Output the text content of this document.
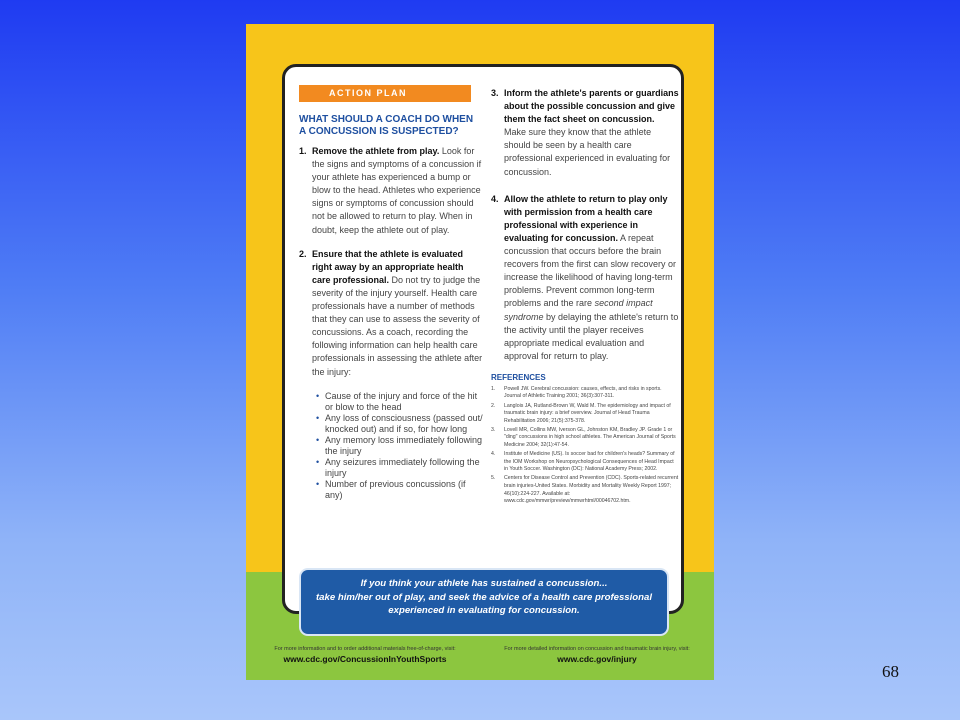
ACTION PLAN
WHAT SHOULD A COACH DO WHEN
A CONCUSSION IS SUSPECTED?
1. Remove the athlete from play. Look for the signs and symptoms of a concussion if your athlete has experienced a bump or blow to the head. Athletes who experience signs or symptoms of concussion should not be allowed to return to play. When in doubt, keep the athlete out of play.
2. Ensure that the athlete is evaluated right away by an appropriate health care professional. Do not try to judge the severity of the injury yourself. Health care professionals have a number of methods that they can use to assess the severity of concussions. As a coach, recording the following information can help health care professionals in assessing the athlete after the injury:
• Cause of the injury and force of the hit or blow to the head
• Any loss of consciousness (passed out/ knocked out) and if so, for how long
• Any memory loss immediately following the injury
• Any seizures immediately following the injury
• Number of previous concussions (if any)
3. Inform the athlete's parents or guardians about the possible concussion and give them the fact sheet on concussion. Make sure they know that the athlete should be seen by a health care professional experienced in evaluating for concussion.
4. Allow the athlete to return to play only with permission from a health care professional with experience in evaluating for concussion. A repeat concussion that occurs before the brain recovers from the first can slow recovery or increase the likelihood of having long-term problems. Prevent common long-term problems and the rare second impact syndrome by delaying the athlete's return to the activity until the player receives appropriate medical evaluation and approval for return to play.
REFERENCES
1.	Powell JW. Cerebral concussion: causes, effects, and risks in sports. Journal of Athletic Training 2001; 36(3):307-311.
2.	Langlois JA, Rutland-Brown W, Wald M. The epidemiology and impact of traumatic brain injury: a brief overview. Journal of Head Trauma Rehabilitation 2006; 21(5):375-378.
3.	Lovell MR, Collins MW, Iverson GL, Johnston KM, Bradley JP. Grade 1 or "ding" concussions in high school athletes. The American Journal of Sports Medicine 2004; 32(1):47-54.
4.	Institute of Medicine (US). Is soccer bad for children's heads? Summary of the IOM Workshop on Neuropsychological Consequences of Head Impact in Youth Soccer. Washington (DC): National Academy Press; 2002.
5.	Centers for Disease Control and Prevention (CDC). Sports-related recurrent brain injuries-United States. Morbidity and Mortality Weekly Report 1997; 46(10):224-227. Available at: www.cdc.gov/mmwr/preview/mmwrhtml/00046702.htm.
If you think your athlete has sustained a concussion...
take him/her out of play, and seek the advice of a health care professional
experienced in evaluating for concussion.
For more information and to order additional materials free-of-charge, visit:
www.cdc.gov/ConcussionInYouthSports
For more detailed information on concussion and traumatic brain injury, visit:
www.cdc.gov/injury
68
